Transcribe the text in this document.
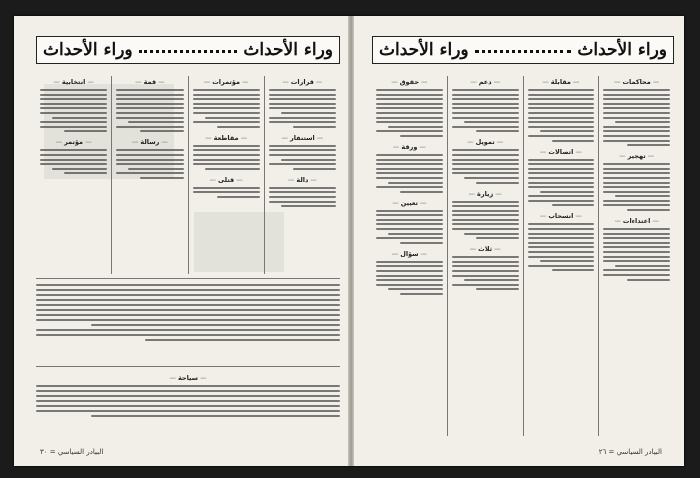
وراء الأحداث
وراء الأحداث
— قرارات —
— استنفار —
— دالة —
— مؤتمرات —
— مقاطعة —
— قتلى —
— قمة —
— رسالة —
— انتخابية —
— مؤتمر —
— سياحة —
۳۰ = البيادر السياسي
وراء الأحداث
وراء الأحداث
— محاكمات —
— تهجير —
— اعتداءات —
— مقابلة —
— اتصالات —
— انسحاب —
— دعم —
— تمويل —
— زيارة —
— ثلاث —
— حقوق —
— ورقة —
— تعيين —
— سؤال —
البيادر السياسي = ۲٦
